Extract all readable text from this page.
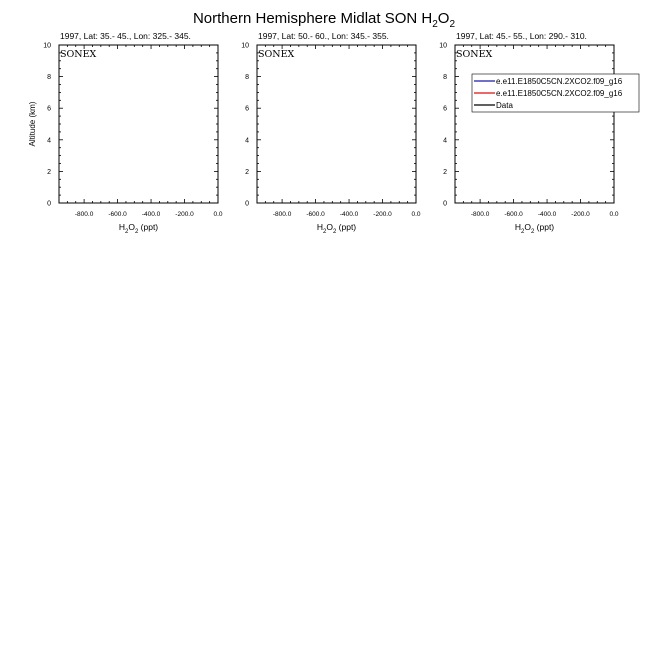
Northern Hemisphere Midlat SON $H_2O_2$
1997, Lat: 35.- 45., Lon: 325.- 345.
SONEX
0
2
4
6
8
10
-800.0 -600.0 -400.0 -200.0	0.0
$H_2O_2$ (ppt)
Altitude (km)
1997, Lat: 50.- 60., Lon: 345.- 355.
SONEX
0
2
4
6
8
10
-800.0 -600.0 -400.0 -200.0	0.0
$H_2O_2$ (ppt)
1997, Lat: 45.- 55., Lon: 290.- 310.
SONEX
0
2
4
6
8
10
-800.0 -600.0 -400.0 -200.0	0.0
$H_2O_2$ (ppt)
e.e11.E1850C5CN.2XCO2.f09_g16
e.e11.E1850C5CN.2XCO2.f09_g16
Data
